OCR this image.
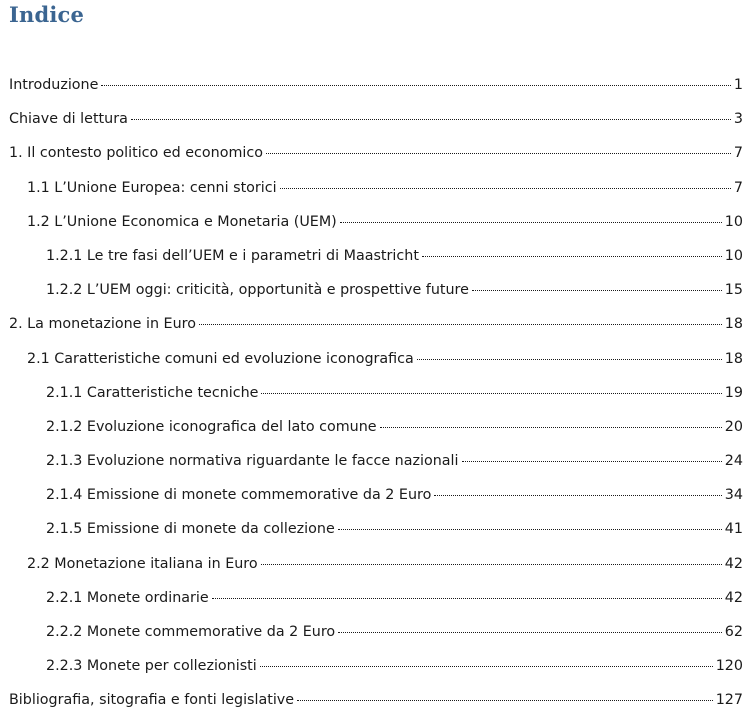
Indice
Introduzione	1
Chiave di lettura	3
1. Il contesto politico ed economico	7
1.1 L’Unione Europea: cenni storici	7
1.2 L’Unione Economica e Monetaria (UEM)	10
1.2.1 Le tre fasi dell’UEM e i parametri di Maastricht	10
1.2.2 L’UEM oggi: criticità, opportunità e prospettive future	15
2. La monetazione in Euro	18
2.1 Caratteristiche comuni ed evoluzione iconografica	18
2.1.1 Caratteristiche tecniche	19
2.1.2 Evoluzione iconografica del lato comune	20
2.1.3 Evoluzione normativa riguardante le facce nazionali	24
2.1.4 Emissione di monete commemorative da 2 Euro	34
2.1.5 Emissione di monete da collezione	41
2.2 Monetazione italiana in Euro	42
2.2.1 Monete ordinarie	42
2.2.2 Monete commemorative da 2 Euro	62
2.2.3 Monete per collezionisti	120
Bibliografia, sitografia e fonti legislative	127
